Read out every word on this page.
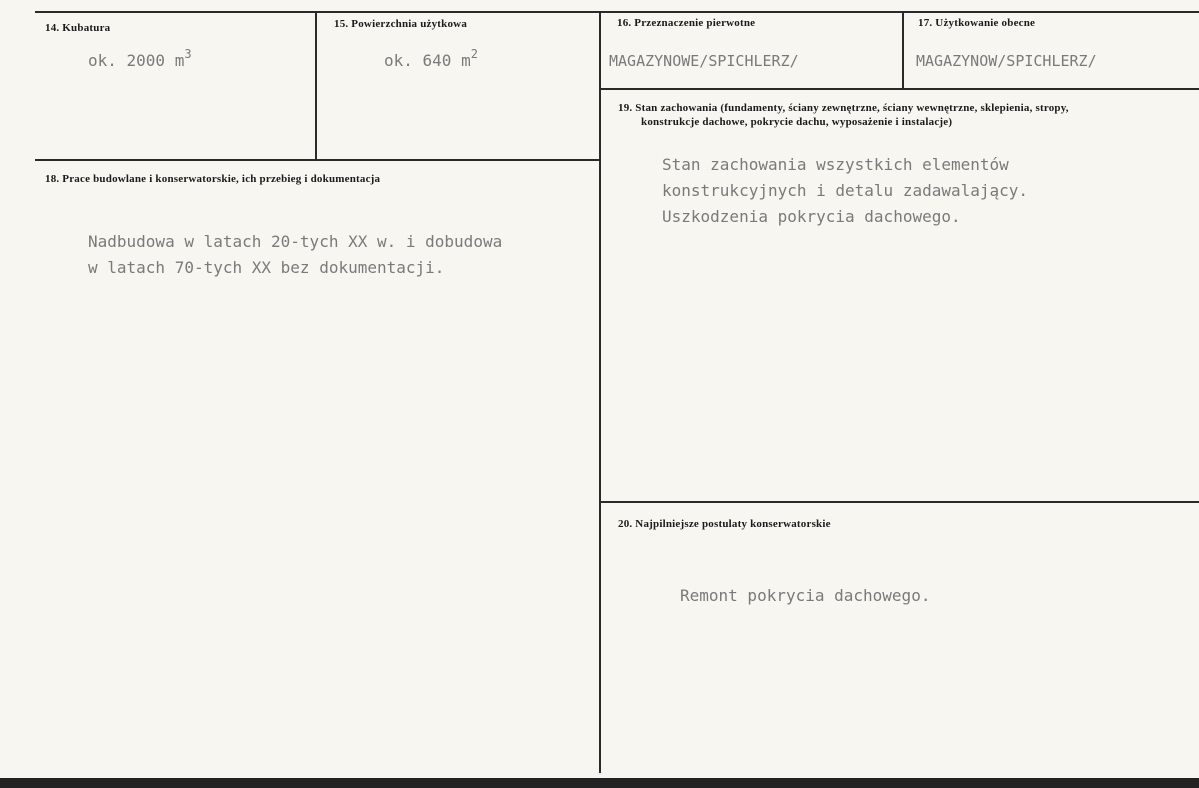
14. Kubatura
ok. 2000 $m^3$
15. Powierzchnia użytkowa
ok. 640 $m^2$
16. Przeznaczenie pierwotne
MAGAZYNOWE/SPICHLERZ/
17. Użytkowanie obecne
MAGAZYNOW/SPICHLERZ/
18. Prace budowlane i konserwatorskie, ich przebieg i dokumentacja
Nadbudowa w latach 20-tych XX w. i dobudowa
w latach 70-tych XX bez dokumentacji.
19. Stan zachowania (fundamenty, ściany zewnętrzne, ściany wewnętrzne, sklepienia, stropy,
konstrukcje dachowe, pokrycie dachu, wyposażenie i instalacje)
Stan zachowania wszystkich elementów
konstrukcyjnych i detalu zadawalający.
Uszkodzenia pokrycia dachowego.
20. Najpilniejsze postulaty konserwatorskie
Remont pokrycia dachowego.
